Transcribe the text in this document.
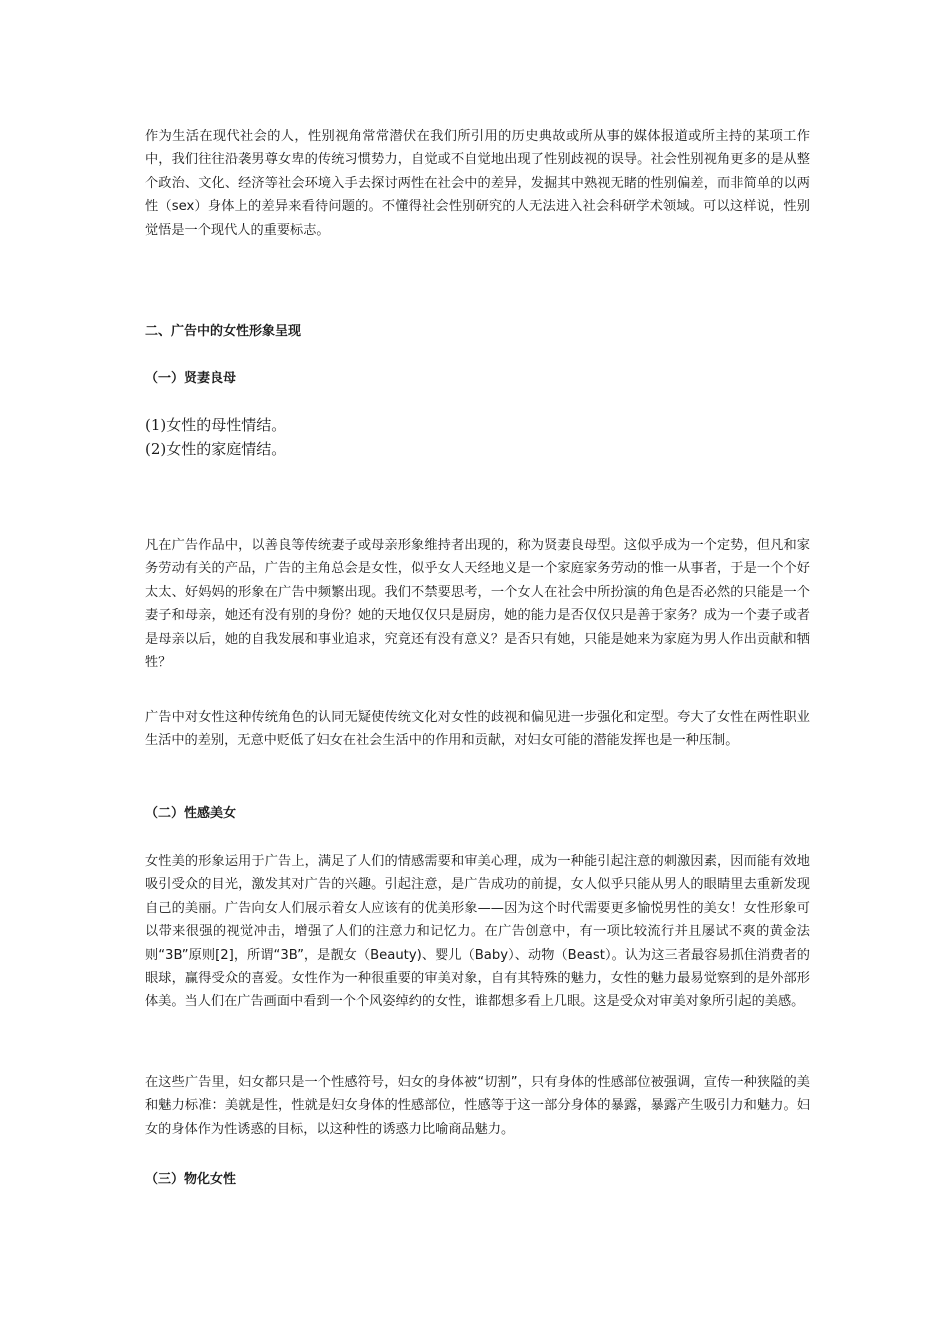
作为生活在现代社会的人，性别视角常常潜伏在我们所引用的历史典故或所从事的媒体报道或所主持的某项工作中，我们往往沿袭男尊女卑的传统习惯势力，自觉或不自觉地出现了性别歧视的误导。社会性别视角更多的是从整个政治、文化、经济等社会环境入手去探讨两性在社会中的差异，发掘其中熟视无睹的性别偏差，而非简单的以两性（sex）身体上的差异来看待问题的。不懂得社会性别研究的人无法进入社会科研学术领域。可以这样说，性别觉悟是一个现代人的重要标志。

二、广告中的女性形象呈现

（一）贤妻良母

(1)女性的母性情结。

(2)女性的家庭情结。

凡在广告作品中，以善良等传统妻子或母亲形象维持者出现的，称为贤妻良母型。这似乎成为一个定势，但凡和家务劳动有关的产品，广告的主角总会是女性，似乎女人天经地义是一个家庭家务劳动的惟一从事者，于是一个个好太太、好妈妈的形象在广告中频繁出现。我们不禁要思考，一个女人在社会中所扮演的角色是否必然的只能是一个妻子和母亲，她还有没有别的身份？她的天地仅仅只是厨房，她的能力是否仅仅只是善于家务？成为一个妻子或者是母亲以后，她的自我发展和事业追求，究竟还有没有意义？是否只有她，只能是她来为家庭为男人作出贡献和牺牲？

广告中对女性这种传统角色的认同无疑使传统文化对女性的歧视和偏见进一步强化和定型。夸大了女性在两性职业生活中的差别，无意中贬低了妇女在社会生活中的作用和贡献，对妇女可能的潜能发挥也是一种压制。

（二）性感美女

女性美的形象运用于广告上，满足了人们的情感需要和审美心理，成为一种能引起注意的刺激因素，因而能有效地吸引受众的目光，激发其对广告的兴趣。引起注意，是广告成功的前提，女人似乎只能从男人的眼睛里去重新发现自己的美丽。广告向女人们展示着女人应该有的优美形象——因为这个时代需要更多愉悦男性的美女！女性形象可以带来很强的视觉冲击，增强了人们的注意力和记忆力。在广告创意中，有一项比较流行并且屡试不爽的黄金法则“3B”原则[2]，所谓“3B”，是靓女（Beauty)、婴儿（Baby）、动物（Beast）。认为这三者最容易抓住消费者的眼球，赢得受众的喜爱。女性作为一种很重要的审美对象，自有其特殊的魅力，女性的魅力最易觉察到的是外部形体美。当人们在广告画面中看到一个个风姿绰约的女性，谁都想多看上几眼。这是受众对审美对象所引起的美感。

在这些广告里，妇女都只是一个性感符号，妇女的身体被“切割”，只有身体的性感部位被强调，宣传一种狭隘的美和魅力标准：美就是性，性就是妇女身体的性感部位，性感等于这一部分身体的暴露，暴露产生吸引力和魅力。妇女的身体作为性诱惑的目标，以这种性的诱惑力比喻商品魅力。

（三）物化女性
